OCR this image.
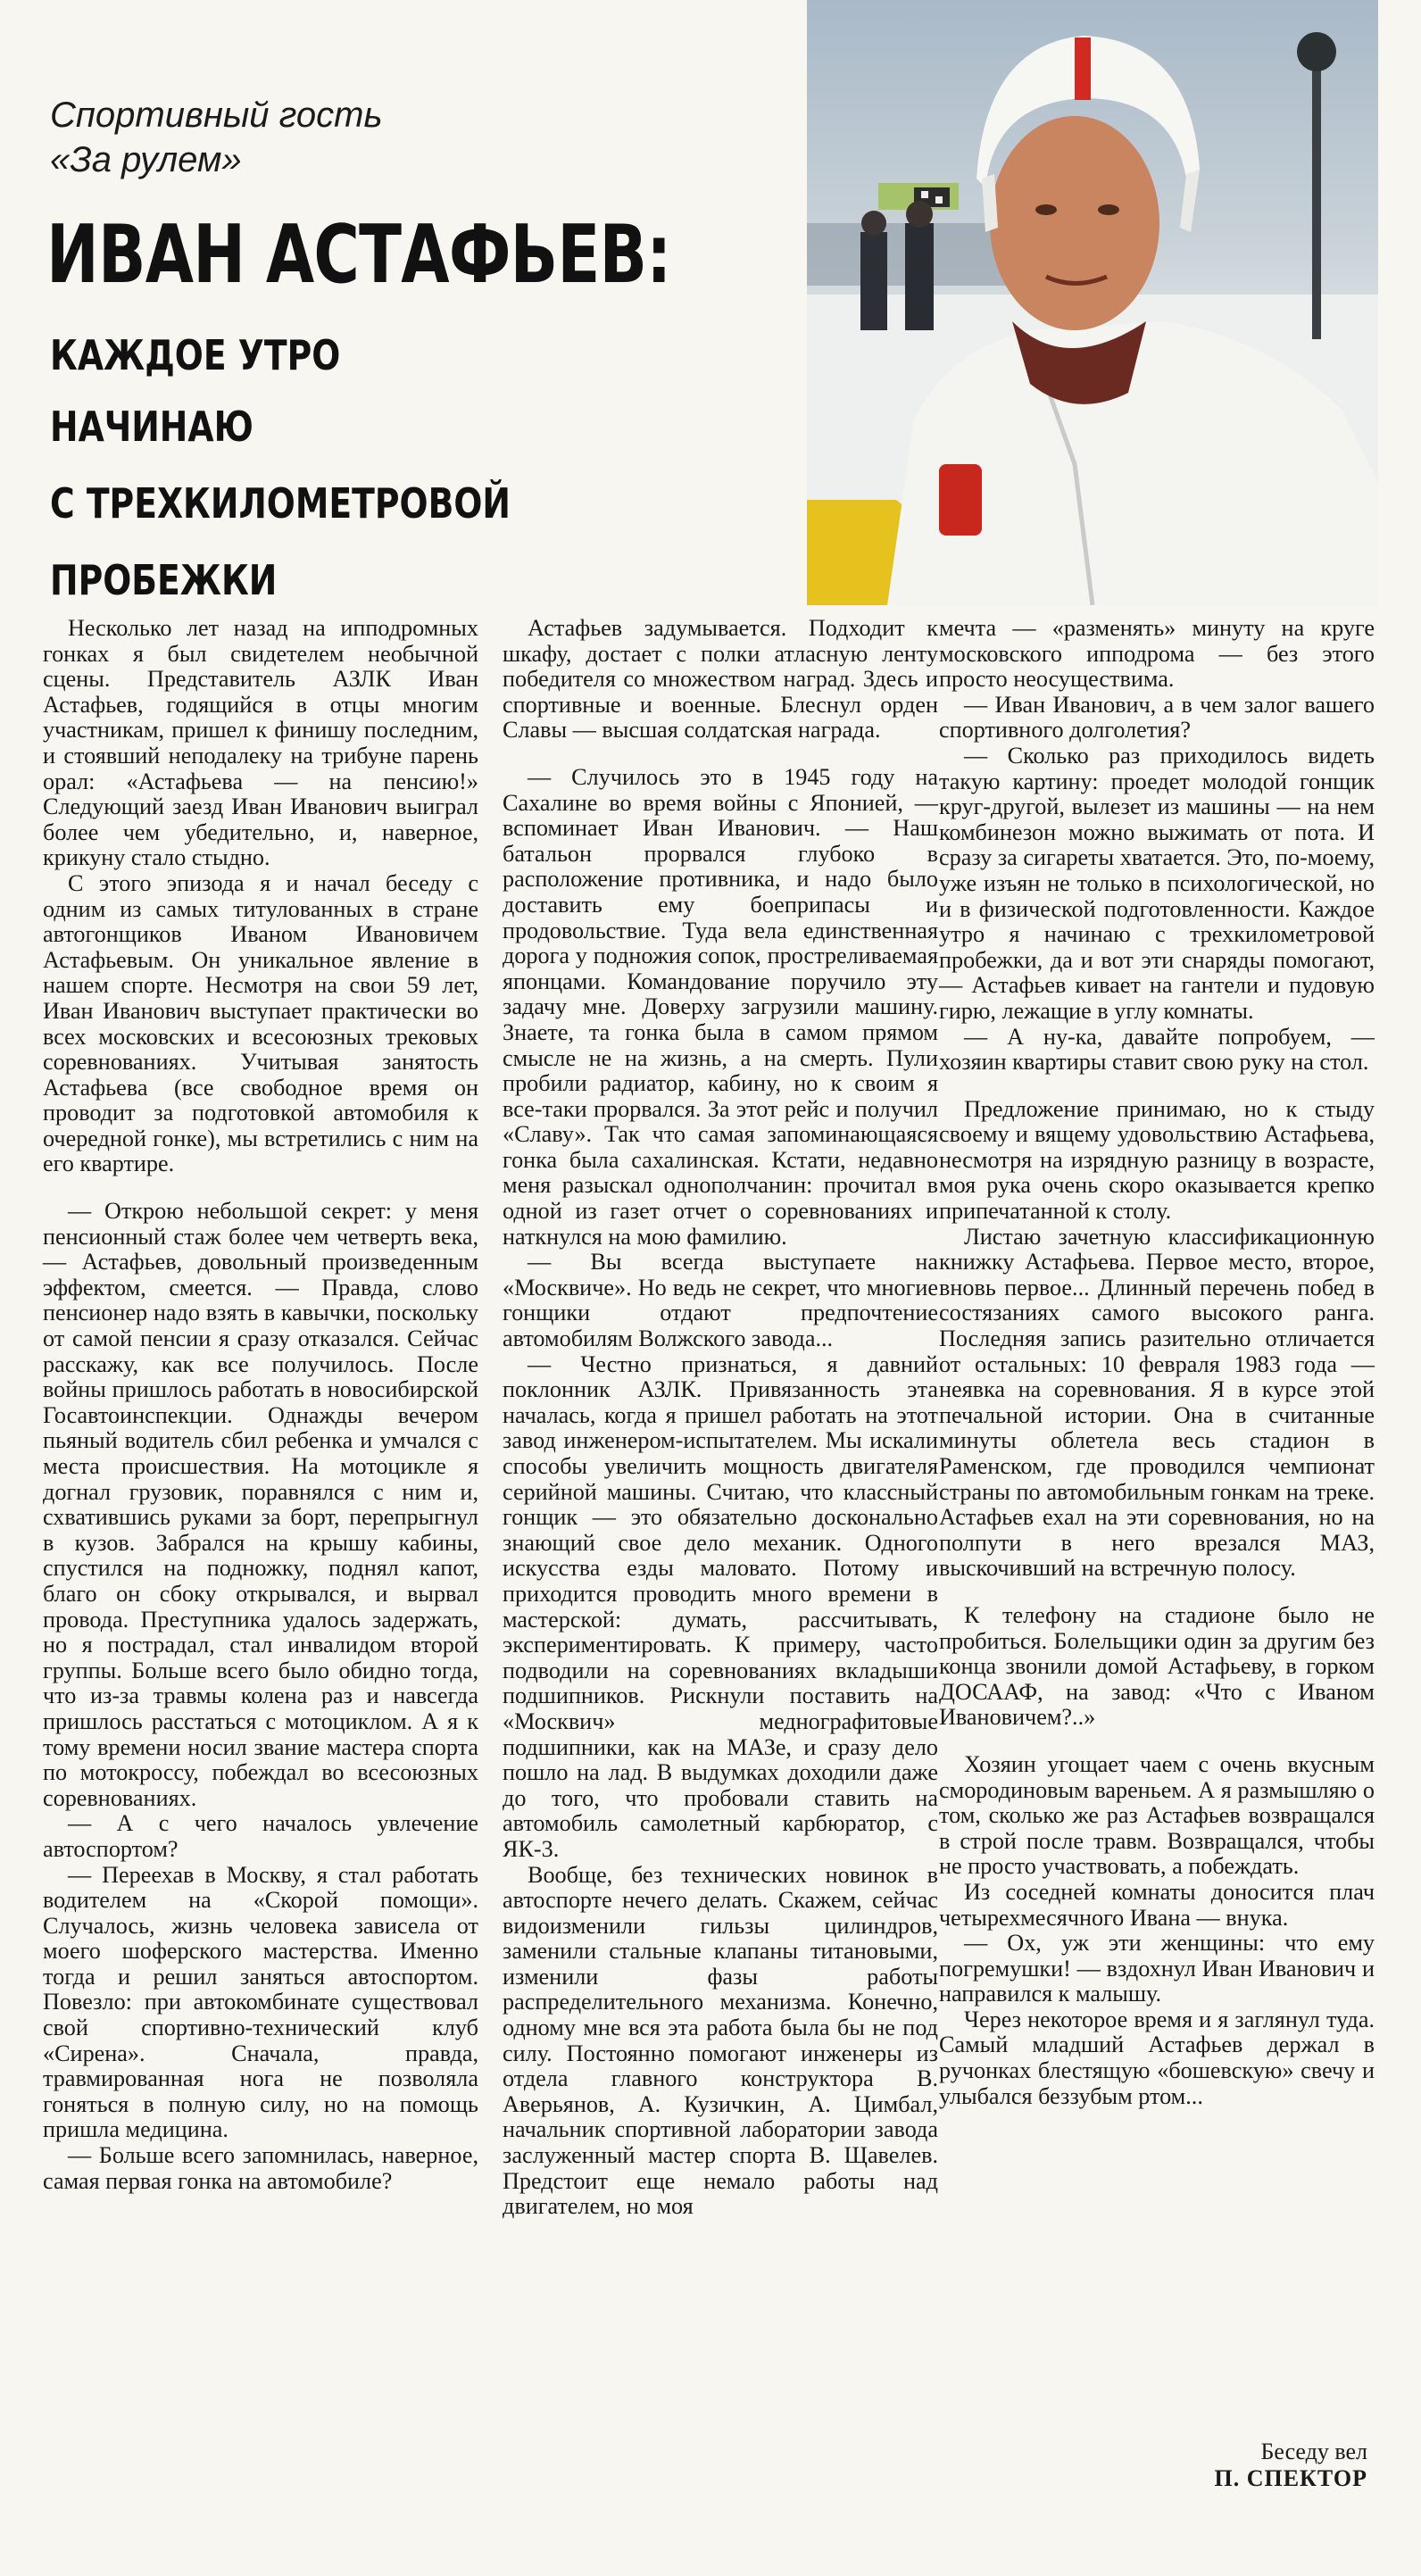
Спортивный гость
«За рулем»
ИВАН АСТАФЬЕВ:
КАЖДОЕ УТРО
НАЧИНАЮ
С ТРЕХКИЛОМЕТРОВОЙ
ПРОБЕЖКИ

Несколько лет назад на ипподромных гонках я был свидетелем необычной сцены. Представитель АЗЛК Иван Астафьев, годящийся в отцы многим участникам, пришел к финишу последним, и стоявший неподалеку на трибуне парень орал: «Астафьева — на пенсию!» Следующий заезд Иван Иванович выиграл более чем убедительно, и, наверное, крикуну стало стыдно.

С этого эпизода я и начал беседу с одним из самых титулованных в стране автогонщиков Иваном Ивановичем Астафьевым. Он уникальное явление в нашем спорте. Несмотря на свои 59 лет, Иван Иванович выступает практически во всех московских и всесоюзных трековых соревнованиях. Учитывая занятость Астафьева (все свободное время он проводит за подготовкой автомобиля к очередной гонке), мы встретились с ним на его квартире.

— Открою небольшой секрет: у меня пенсионный стаж более чем четверть века, — Астафьев, довольный произведенным эффектом, смеется. — Правда, слово пенсионер надо взять в кавычки, поскольку от самой пенсии я сразу отказался. Сейчас расскажу, как все получилось. После войны пришлось работать в новосибирской Госавтоинспекции. Однажды вечером пьяный водитель сбил ребенка и умчался с места происшествия. На мотоцикле я догнал грузовик, поравнялся с ним и, схватившись руками за борт, перепрыгнул в кузов. Забрался на крышу кабины, спустился на подножку, поднял капот, благо он сбоку открывался, и вырвал провода. Преступника удалось задержать, но я пострадал, стал инвалидом второй группы. Больше всего было обидно тогда, что из-за травмы колена раз и навсегда пришлось расстаться с мотоциклом. А я к тому времени носил звание мастера спорта по мотокроссу, побеждал во всесоюзных соревнованиях.

— А с чего началось увлечение автоспортом?

— Переехав в Москву, я стал работать водителем на «Скорой помощи». Случалось, жизнь человека зависела от моего шоферского мастерства. Именно тогда и решил заняться автоспортом. Повезло: при автокомбинате существовал свой спортивно-технический клуб «Сирена». Сначала, правда, травмированная нога не позволяла гоняться в полную силу, но на помощь пришла медицина.

— Больше всего запомнилась, наверное, самая первая гонка на автомобиле?

Астафьев задумывается. Подходит к шкафу, достает с полки атласную ленту победителя со множеством наград. Здесь и спортивные и военные. Блеснул орден Славы — высшая солдатская награда.

— Случилось это в 1945 году на Сахалине во время войны с Японией, — вспоминает Иван Иванович. — Наш батальон прорвался глубоко в расположение противника, и надо было доставить ему боеприпасы и продовольствие. Туда вела единственная дорога у подножия сопок, простреливаемая японцами. Командование поручило эту задачу мне. Доверху загрузили машину. Знаете, та гонка была в самом прямом смысле не на жизнь, а на смерть. Пули пробили радиатор, кабину, но к своим я все-таки прорвался. За этот рейс и получил «Славу». Так что самая запоминающаяся гонка была сахалинская. Кстати, недавно меня разыскал однополчанин: прочитал в одной из газет отчет о соревнованиях и наткнулся на мою фамилию.

— Вы всегда выступаете на «Москвиче». Но ведь не секрет, что многие гонщики отдают предпочтение автомобилям Волжского завода...

— Честно признаться, я давний поклонник АЗЛК. Привязанность эта началась, когда я пришел работать на этот завод инженером-испытателем. Мы искали способы увеличить мощность двигателя серийной машины. Считаю, что классный гонщик — это обязательно досконально знающий свое дело механик. Одного искусства езды маловато. Потому и приходится проводить много времени в мастерской: думать, рассчитывать, экспериментировать. К примеру, часто подводили на соревнованиях вкладыши подшипников. Рискнули поставить на «Москвич» меднографитовые подшипники, как на МАЗе, и сразу дело пошло на лад. В выдумках доходили даже до того, что пробовали ставить на автомобиль самолетный карбюратор, с ЯК-3.

Вообще, без технических новинок в автоспорте нечего делать. Скажем, сейчас видоизменили гильзы цилиндров, заменили стальные клапаны титановыми, изменили фазы работы распределительного механизма. Конечно, одному мне вся эта работа была бы не под силу. Постоянно помогают инженеры из отдела главного конструктора В. Аверьянов, А. Кузичкин, А. Цимбал, начальник спортивной лаборатории завода заслуженный мастер спорта В. Щавелев. Предстоит еще немало работы над двигателем, но моя

мечта — «разменять» минуту на круге московского ипподрома — без этого просто неосуществима.

— Иван Иванович, а в чем залог вашего спортивного долголетия?

— Сколько раз приходилось видеть такую картину: проедет молодой гонщик круг-другой, вылезет из машины — на нем комбинезон можно выжимать от пота. И сразу за сигареты хватается. Это, по-моему, уже изъян не только в психологической, но и в физической подготовленности. Каждое утро я начинаю с трехкилометровой пробежки, да и вот эти снаряды помогают, — Астафьев кивает на гантели и пудовую гирю, лежащие в углу комнаты.

— А ну-ка, давайте попробуем, — хозяин квартиры ставит свою руку на стол.

Предложение принимаю, но к стыду своему и вящему удовольствию Астафьева, несмотря на изрядную разницу в возрасте, моя рука очень скоро оказывается крепко припечатанной к столу.

Листаю зачетную классификационную книжку Астафьева. Первое место, второе, вновь первое... Длинный перечень побед в состязаниях самого высокого ранга. Последняя запись разительно отличается от остальных: 10 февраля 1983 года — неявка на соревнования. Я в курсе этой печальной истории. Она в считанные минуты облетела весь стадион в Раменском, где проводился чемпионат страны по автомобильным гонкам на треке. Астафьев ехал на эти соревнования, но на полпути в него врезался МАЗ, выскочивший на встречную полосу.

К телефону на стадионе было не пробиться. Болельщики один за другим без конца звонили домой Астафьеву, в горком ДОСААФ, на завод: «Что с Иваном Ивановичем?..»

Хозяин угощает чаем с очень вкусным смородиновым вареньем. А я размышляю о том, сколько же раз Астафьев возвращался в строй после травм. Возвращался, чтобы не просто участвовать, а побеждать.

Из соседней комнаты доносится плач четырехмесячного Ивана — внука.

— Ох, уж эти женщины: что ему погремушки! — вздохнул Иван Иванович и направился к малышу.

Через некоторое время и я заглянул туда. Самый младший Астафьев держал в ручонках блестящую «бошевскую» свечу и улыбался беззубым ртом...

Беседу вел
П. СПЕКТОР
